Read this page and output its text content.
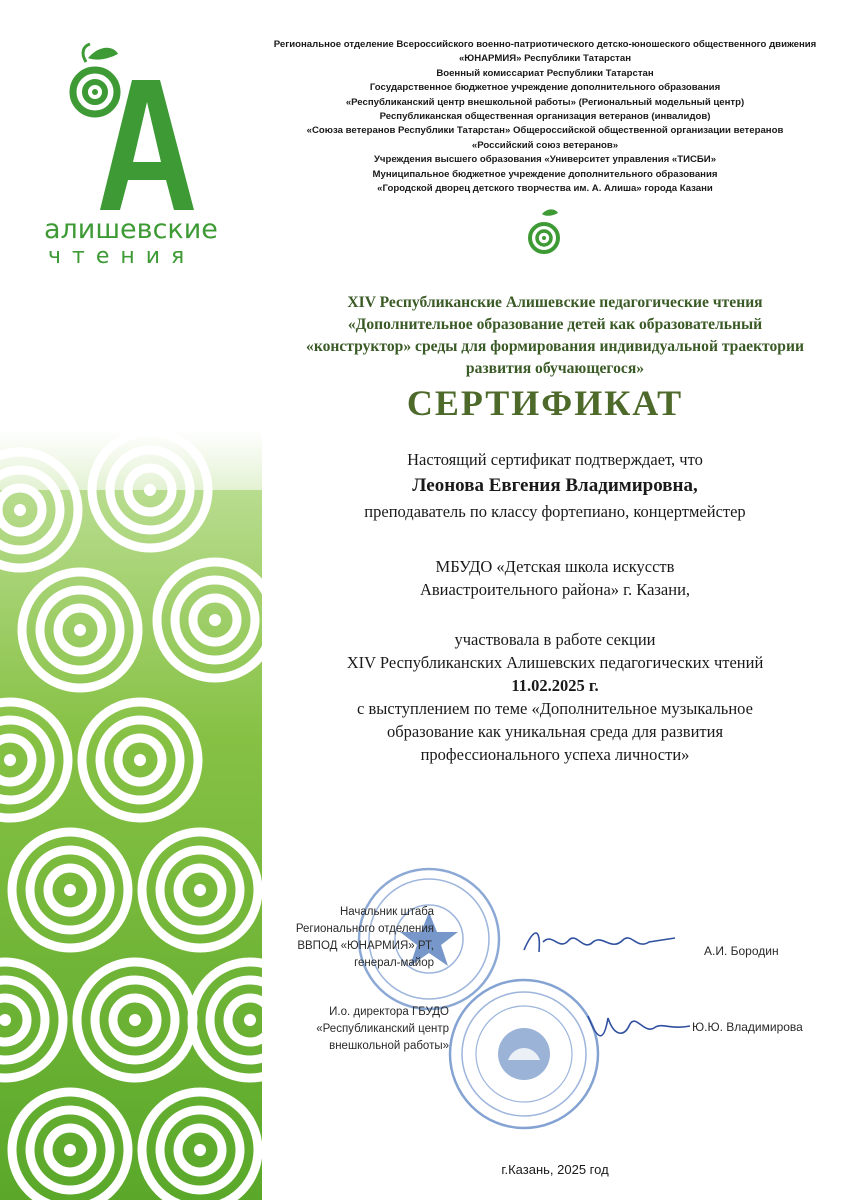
алишевские
чтения
Региональное отделение Всероссийского военно-патриотического детско-юношеского общественного движения
«ЮНАРМИЯ» Республики Татарстан
Военный комиссариат Республики Татарстан
Государственное бюджетное учреждение дополнительного образования
«Республиканский центр внешкольной работы» (Региональный модельный центр)
Республиканская общественная организация ветеранов (инвалидов)
«Союза ветеранов Республики Татарстан» Общероссийской общественной организации ветеранов
«Российский союз ветеранов»
Учреждения высшего образования «Университет управления «ТИСБИ»
Муниципальное бюджетное учреждение дополнительного образования
«Городской дворец детского творчества им. А. Алиша» города Казани
XIV Республиканские Алишевские педагогические чтения
«Дополнительное образование детей как образовательный
«конструктор» среды для формирования индивидуальной траектории
развития обучающегося»
СЕРТИФИКАТ
Настоящий сертификат подтверждает, что
Леонова Евгения Владимировна,
преподаватель по классу фортепиано, концертмейстер
МБУДО «Детская школа искусств
Авиастроительного района» г. Казани,
участвовала в работе секции
XIV Республиканских Алишевских педагогических чтений
11.02.2025 г.
с выступлением по теме «Дополнительное музыкальное
образование как уникальная среда для развития
профессионального успеха личности»
Начальник штаба
Регионального отделения
ВВПОД «ЮНАРМИЯ» РТ,
генерал-майор
А.И. Бородин
И.о. директора ГБУДО
«Республиканский центр
внешкольной работы»
Ю.Ю. Владимирова
г.Казань, 2025 год
